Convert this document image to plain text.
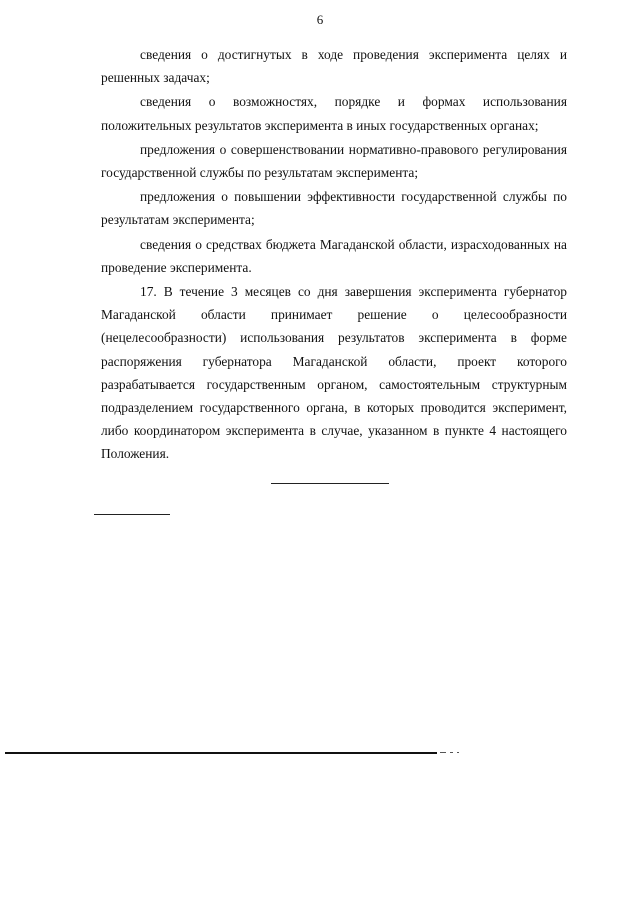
6

сведения о достигнутых в ходе проведения эксперимента целях и решенных задачах;

сведения о возможностях, порядке и формах использования положительных результатов эксперимента в иных государственных органах;

предложения о совершенствовании нормативно-правового регулирования государственной службы по результатам эксперимента;

предложения о повышении эффективности государственной службы по результатам эксперимента;

сведения о средствах бюджета Магаданской области, израсходованных на проведение эксперимента.

17. В течение 3 месяцев со дня завершения эксперимента губернатор Магаданской области принимает решение о целесообразности (нецелесообразности) использования результатов эксперимента в форме распоряжения губернатора Магаданской области, проект которого разрабатывается государственным органом, самостоятельным структурным подразделением государственного органа, в которых проводится эксперимент, либо координатором эксперимента в случае, указанном в пункте 4 настоящего Положения.
